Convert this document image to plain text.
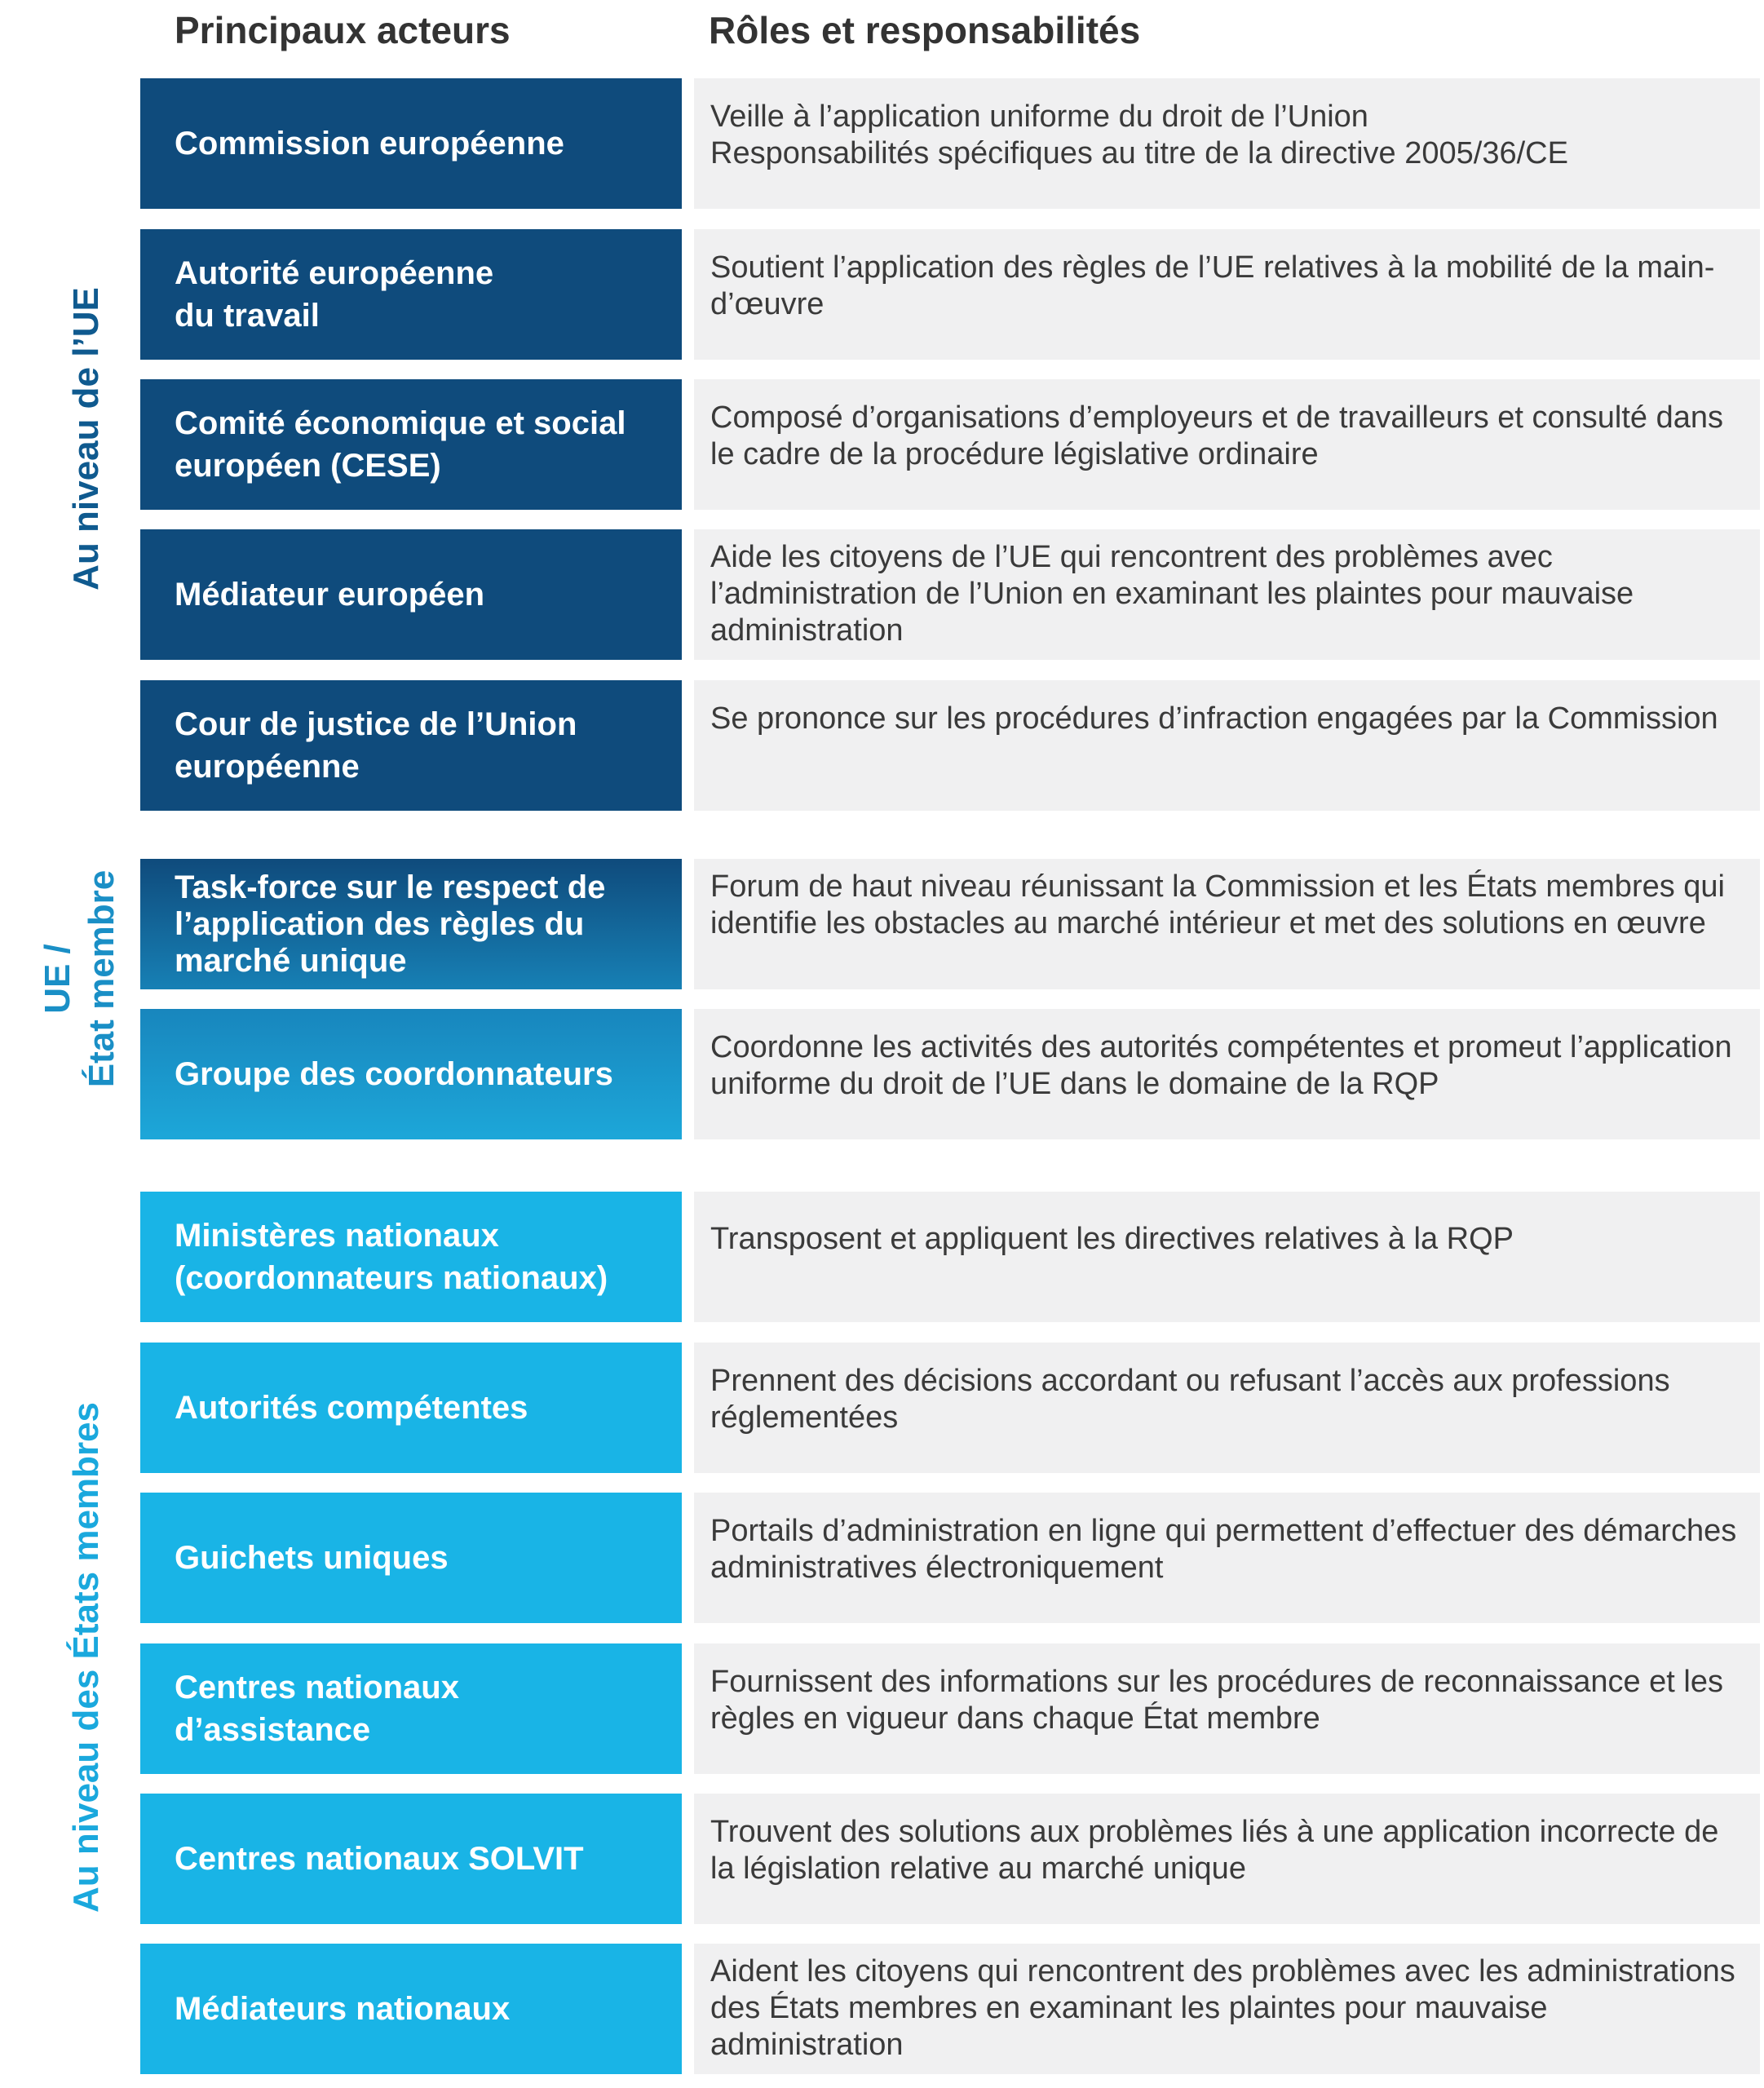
Principaux acteurs	Rôles et responsabilités
Au niveau de l’UE
UE / État membre
Au niveau des États membres
Commission européenne
Veille à l’application uniforme du droit de l’Union
Responsabilités spécifiques au titre de la directive 2005/36/CE
Autorité européenne du travail
Soutient l’application des règles de l’UE relatives à la mobilité de la main-d’œuvre
Comité économique et social européen (CESE)
Composé d’organisations d’employeurs et de travailleurs et consulté dans le cadre de la procédure législative ordinaire
Médiateur européen
Aide les citoyens de l’UE qui rencontrent des problèmes avec l’administration de l’Union en examinant les plaintes pour mauvaise administration
Cour de justice de l’Union européenne
Se prononce sur les procédures d’infraction engagées par la Commission
Task-force sur le respect de l’application des règles du marché unique
Forum de haut niveau réunissant la Commission et les États membres qui identifie les obstacles au marché intérieur et met des solutions en œuvre
Groupe des coordonnateurs
Coordonne les activités des autorités compétentes et promeut l’application uniforme du droit de l’UE dans le domaine de la RQP
Ministères nationaux (coordonnateurs nationaux)
Transposent et appliquent les directives relatives à la RQP
Autorités compétentes
Prennent des décisions accordant ou refusant l’accès aux professions réglementées
Guichets uniques
Portails d’administration en ligne qui permettent d’effectuer des démarches administratives électroniquement
Centres nationaux d’assistance
Fournissent des informations sur les procédures de reconnaissance et les règles en vigueur dans chaque État membre
Centres nationaux SOLVIT
Trouvent des solutions aux problèmes liés à une application incorrecte de la législation relative au marché unique
Médiateurs nationaux
Aident les citoyens qui rencontrent des problèmes avec les administrations des États membres en examinant les plaintes pour mauvaise administration
